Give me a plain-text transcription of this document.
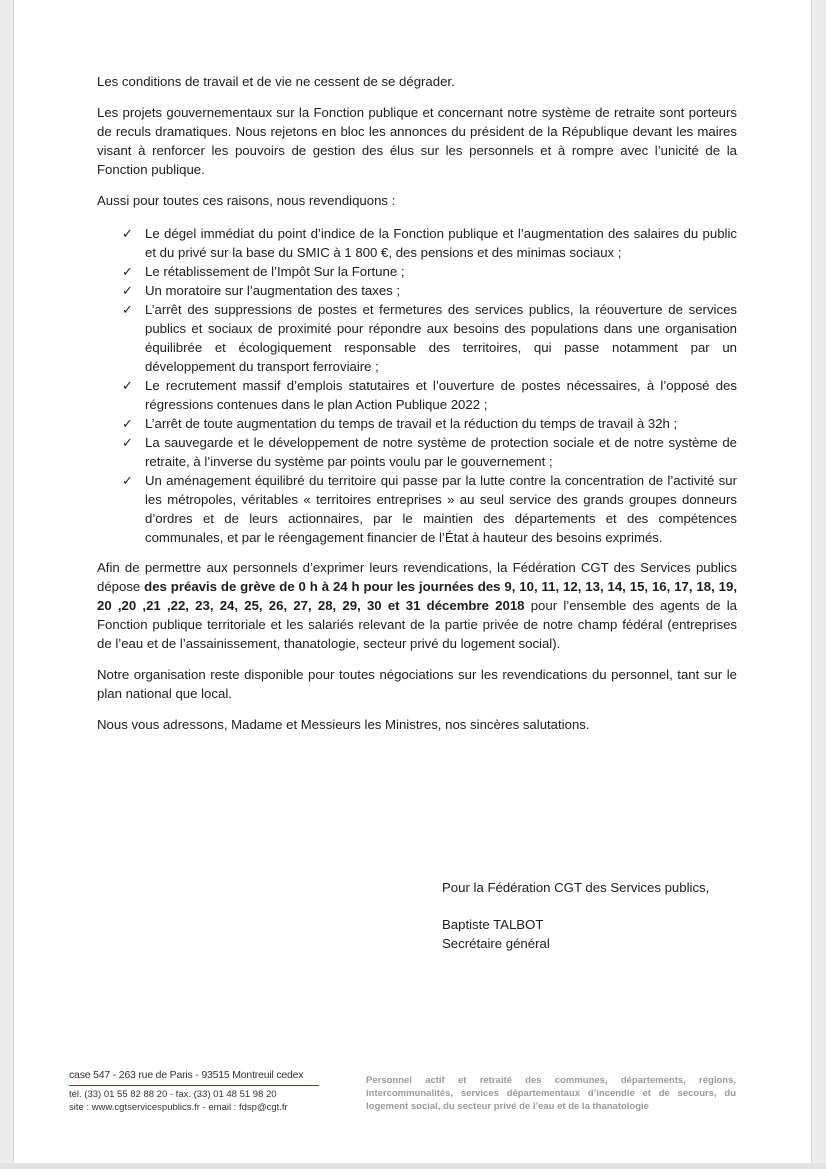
Les conditions de travail et de vie ne cessent de se dégrader.

Les projets gouvernementaux sur la Fonction publique et concernant notre système de retraite sont porteurs de reculs dramatiques. Nous rejetons en bloc les annonces du président de la République devant les maires visant à renforcer les pouvoirs de gestion des élus sur les personnels et à rompre avec l’unicité de la Fonction publique.

Aussi pour toutes ces raisons, nous revendiquons :

✓ Le dégel immédiat du point d’indice de la Fonction publique et l’augmentation des salaires du public et du privé sur la base du SMIC à 1 800 €, des pensions et des minimas sociaux ;
✓ Le rétablissement de l’Impôt Sur la Fortune ;
✓ Un moratoire sur l’augmentation des taxes ;
✓ L’arrêt des suppressions de postes et fermetures des services publics, la réouverture de services publics et sociaux de proximité pour répondre aux besoins des populations dans une organisation équilibrée et écologiquement responsable des territoires, qui passe notamment par un développement du transport ferroviaire ;
✓ Le recrutement massif d’emplois statutaires et l’ouverture de postes nécessaires, à l’opposé des régressions contenues dans le plan Action Publique 2022 ;
✓ L’arrêt de toute augmentation du temps de travail et la réduction du temps de travail à 32h ;
✓ La sauvegarde et le développement de notre système de protection sociale et de notre système de retraite, à l’inverse du système par points voulu par le gouvernement ;
✓ Un aménagement équilibré du territoire qui passe par la lutte contre la concentration de l’activité sur les métropoles, véritables « territoires entreprises » au seul service des grands groupes donneurs d’ordres et de leurs actionnaires, par le maintien des départements et des compétences communales, et par le réengagement financier de l’État à hauteur des besoins exprimés.

Afin de permettre aux personnels d’exprimer leurs revendications, la Fédération CGT des Services publics dépose des préavis de grève de 0 h à 24 h pour les journées des 9, 10, 11, 12, 13, 14, 15, 16, 17, 18, 19, 20 ,20 ,21 ,22, 23, 24, 25, 26, 27, 28, 29, 30 et 31 décembre 2018 pour l’ensemble des agents de la Fonction publique territoriale et les salariés relevant de la partie privée de notre champ fédéral (entreprises de l’eau et de l’assainissement, thanatologie, secteur privé du logement social).

Notre organisation reste disponible pour toutes négociations sur les revendications du personnel, tant sur le plan national que local.

Nous vous adressons, Madame et Messieurs les Ministres, nos sincères salutations.

Pour la Fédération CGT des Services publics,

Baptiste TALBOT

Secrétaire général

case 547 - 263 rue de Paris - 93515 Montreuil cedex
tél. (33) 01 55 82 88 20 - fax. (33) 01 48 51 98 20
site : www.cgtservicespublics.fr - email : fdsp@cgt.fr
Personnel actif et retraité des communes, départements, régions, intercommunalités, services départementaux d’incendie et de secours, du logement social, du secteur privé de l’eau et de la thanatologie
